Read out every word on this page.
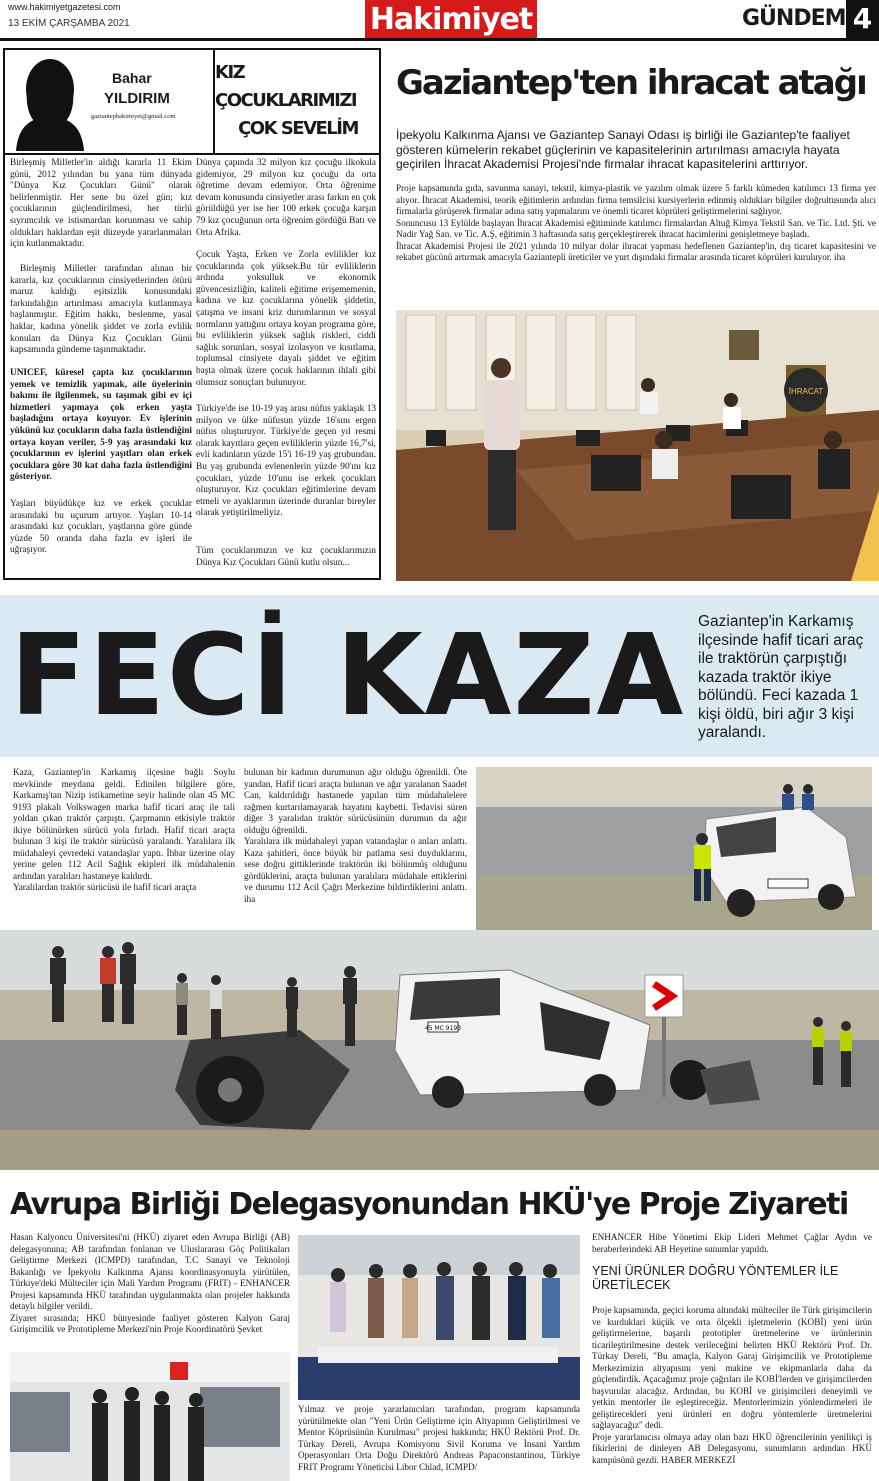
www.hakimiyetgazetesi.com
13 EKİM ÇARŞAMBA 2021	Hakimiyet	GÜNDEM 4
Bahar
YILDIRIM
gaziantephakimiyet@gmail.com
KIZ ÇOCUKLARIMIZI
ÇOK SEVELİM
Birleşmiş Milletler'in aldığı kararla 11 Ekim günü, 2012 yılından bu yana tüm dünyada "Dünya Kız Çocukları Günü" olarak belirlenmiştir. Her sene bu özel gün; kız çocuklarının güçlendirilmesi, her türlü sıyrımcılık ve istismardan korunması ve sahip oldukları haklardan eşit düzeyde yararlanmaları için kutlanmaktadır.
Birleşmiş Milletler tarafından alınan bir kararla, kız çocuklarının cinsiyetlerinden ötürü maruz kaldığı eşitsizlik konusundaki farkındalığın artırılması amacıyla kutlanmaya başlanmıştır. Eğitim hakkı, beslenme, yasal haklar, kadına yönelik şiddet ve zorla evlilik konuları da Dünya Kız Çocukları Günü kapsamında gündeme taşınmaktadır.
UNICEF, küresel çapta kız çocuklarının yemek ve temizlik yapmak, aile üyelerinin bakımı ile ilgilenmek, su taşımak gibi ev içi hizmetleri yapmaya çok erken yaşta başladığını ortaya koyuyor. Ev işlerinin yükünü kız çocukların daha fazla üstlendiğini ortaya koyan veriler, 5-9 yaş arasındaki kız çocuklarının ev işlerini yaşıtları olan erkek çocuklara göre 30 kat daha fazla üstlendiğini gösteriyor.
Yaşları büyüdükçe kız ve erkek çocuklar arasındaki bu uçurum artıyor. Yaşları 10-14 arasındaki kız çocukları, yaştlarına göre günde yüzde 50 oranda daha fazla ev işleri ile uğraşıyor.
Dünya çapında 32 milyon kız çocuğu ilkokula gidemiyor, 29 milyon kız çocuğu da orta öğretime devam edemiyor. Orta öğrenime devam konusunda cinsiyetler arası farkın en çok görüldüğü yer ise her 100 erkek çocuğa karşın 79 kız çocuğunun orta öğrenim gördüğü Batı ve Orta Afrika.
Çocuk Yaşta, Erken ve Zorla evlilikler kız çocuklarında çok yüksek.Bu tür evliliklerin ardında yoksulluk ve ekonomik güvencesizliğin, kaliteli eğitime erişememenin, kadına ve kız çocuklarına yönelik şiddetin, çatışma ve insani kriz durumlarının ve sosyal normların yattığını ortaya koyan programa göre, bu evliliklerin yüksek sağlık riskleri, ciddi sağlık sorunları, sosyal izolasyon ve kısıtlama, toplumsal cinsiyete dayalı şiddet ve eğitim başta olmak üzere çocuk haklarının ihlali gibi olumsuz sonuçları bulunuyor.
Türkiye'de ise 10-19 yaş arası nüfus yaklaşık 13 milyon ve ülke nüfusun yüzde 16'sını ergen nüfus oluşturuyor. Türkiye'de geçen yıl resmi olarak kayıtlara geçen evliliklerin yüzde 16,7'si, evli kadınların yüzde 15'i 16-19 yaş grubundan. Bu yaş grubunda evlenenlerin yüzde 90'ını kız çocukları, yüzde 10'unu ise erkek çocukları oluşturuyor. Kız çocukları eğitimlerine devam etmeli ve ayaklarının üzerinde duranlar bireyler olarak yetiştirilmeliyiz.
Tüm çocuklarımızın ve kız çocuklarımızın Dünya Kız Çocukları Günü kutlu olsun...
Gaziantep'ten ihracat atağı
İpekyolu Kalkınma Ajansı ve Gaziantep Sanayi Odası iş birliği ile Gaziantep'te faaliyet gösteren kümelerin rekabet güçlerinin ve kapasitelerinin artırılması amacıyla hayata geçirilen İhracat Akademisi Projesi'nde firmalar ihracat kapasitelerini arttırıyor.
Proje kapsamında gıda, savunma sanayi, tekstil, kimya-plastik ve yazılım olmak üzere 5 farklı kümeden katılımcı 13 firma yer alıyor. İhracat Akademisi, teorik eğitimlerin ardından firma temsilcisi kursiyerlerin edinmiş oldukları bilgiler doğrultusunda alıcı firmalarla görüşerek firmalar adına satış yapmalarını ve önemli ticaret köprüleri geliştirmelerini sağlıyor.
Sonuncusu 13 Eylülde başlayan İhracat Akademisi eğitiminde katılımcı firmalardan Altuğ Kimya Tekstil San. ve Tic. Ltd. Şti. ve Nadir Yağ San. ve Tic. A.Ş, eğitimin 3 haftasında satış gerçekleştirerek ihracat hacimlerini genişletmeye başladı.
İhracat Akademisi Projesi ile 2021 yılında 10 milyar dolar ihracat yapması hedeflenen Gaziantep'in, dış ticaret kapasitesini ve rekabet gücünü artırmak amacıyla Gaziantepli üreticiler ve yurt dışındaki firmalar arasında ticaret köprüleri kuruluyor. iha
İHRACAT
FECİ KAZA Gaziantep'in Karkamış ilçesinde hafif ticari araç ile traktörün çarpıştığı kazada traktör ikiye bölündü. Feci kazada 1 kişi öldü, biri ağır 3 kişi yaralandı.
Kaza, Gaziantep'in Karkamış ilçesine bağlı Soylu mevkiinde meydana geldi. Edinilen bilgilere göre, Karkamış'tan Nizip istikametine seyir halinde olan 45 MC 9193 plakalı Volkswagen marka hafif ticari araç ile tali yoldan çıkan traktör çarpıştı. Çarpmanın etkisiyle traktör ikiye bölünürken sürücü yola fırladı. Hafif ticari araçta bulunan 3 kişi ile traktör sürücüsü yaralandı. Yaralılara ilk müdahaleyi çevredeki vatandaşlar yaptı. İhbar üzerine olay yerine gelen 112 Acil Sağlık ekipleri ilk müdahalenin ardından yaralıları hastaneye kaldırdı.
Yaralılardan traktör sürücüsü ile hafif ticari araçta
bulunan bir kadının durumunun ağır olduğu öğrenildi. Öte yandan, Hafif ticari araçta bulunan ve ağır yaralanan Saadet Can, kaldırıldığı hastanede yapılan tüm müdahalelere rağmen kurtarılamayarak hayatını kaybetti. Tedavisi süren diğer 3 yaralıdan traktör sürücüsünün durumun da ağır olduğu öğrenildi.
Yaralılara ilk müdahaleyi yapan vatandaşlar o anları anlattı. Kaza şahitleri, önce büyük bir patlama sesi duyduklarını, sese doğru gittiklerinde traktörün iki bölünmüş olduğunu gördüklerini, araçta bulunan yaralılara müdahale ettiklerini ve durumu 112 Acil Çağrı Merkezine bildirdiklerini anlattı. iha
45 MC 9193
Avrupa Birliği Delegasyonundan HKÜ'ye Proje Ziyareti
Hasan Kalyoncu Üniversitesi'ni (HKÜ) ziyaret eden Avrupa Birliği (AB) delegasyonuna; AB tarafından fonlanan ve Uluslararası Göç Politikaları Geliştirme Merkezi (ICMPD) tarafından, T.C Sanayi ve Teknoloji Bakanlığı ve İpekyolu Kalkınma Ajansı koordinasyonuyla yürütülen, Türkiye'deki Mülteciler için Mali Yardım Programı (FRIT) - ENHANCER Projesi kapsamında HKÜ tarafından uygulanmakta olan projeler hakkında detaylı bilgiler verildi.
Ziyaret sırasında; HKÜ bünyesinde faaliyet gösteren Kalyon Garaj Girişimcilik ve Prototipleme Merkezi'nin Proje Koordinatörü Şevket
Yılmaz ve proje yararlanıcıları tarafından, program kapsamında yürütülmekte olan "Yeni Ürün Geliştirme için Altyapının Geliştirilmesi ve Mentor Köprüsünün Kurulması" projesi hakkında; HKÜ Rektörü Prof. Dr. Türkay Dereli, Avrupa Komisyonu Sivil Koruma ve İnsani Yardım Operasyonları Orta Doğu Direktörü Andreas Papaconstantinou, Türkiye FRIT Programı Yöneticisi Libor Chlad, ICMPD/
ENHANCER Hibe Yönetimi Ekip Lideri Mehmet Çağlar Aydın ve beraberlerindeki AB Heyetine sunumlar yapıldı.
YENİ ÜRÜNLER DOĞRU YÖNTEMLER İLE ÜRETİLECEK
Proje kapsamında, geçici koruma altındaki mülteciler ile Türk girişimcilerin ve kurduklari küçük ve orta ölçekli işletmelerin (KOBİ) yeni ürün geliştirmelerine, başarılı prototipler üretmelerine ve ürünlerinin ticarileştirilmesine destek verileceğini belirten HKÜ Rektörü Prof. Dr. Türkay Dereli, "Bu amaçla, Kalyon Garaj Girişimcilik ve Prototipleme Merkezimizin altyapısını yeni makine ve ekipmanlarla daha da güçlendirdik. Açacağımız proje çağrıları ile KOBİ'lerden ve girişimcilerden başvurular alacağız. Ardından, bu KOBİ ve girişimcileri deneyimli ve yetkin mentorler ile eşleştireceğiz. Mentorlerimizin yönlendirmeleri ile geliştirecekleri yeni ürünleri en doğru yöntemlerle üretmelerini sağlayacağız" dedi.
Proje yararlanıcısı olmaya aday olan bazı HKÜ öğrencilerinin yenilikçi iş fikirlerini de dinleyen AB Delegasyonu, sunumların ardından HKÜ kampüsünü gezdi. HABER MERKEZİ
